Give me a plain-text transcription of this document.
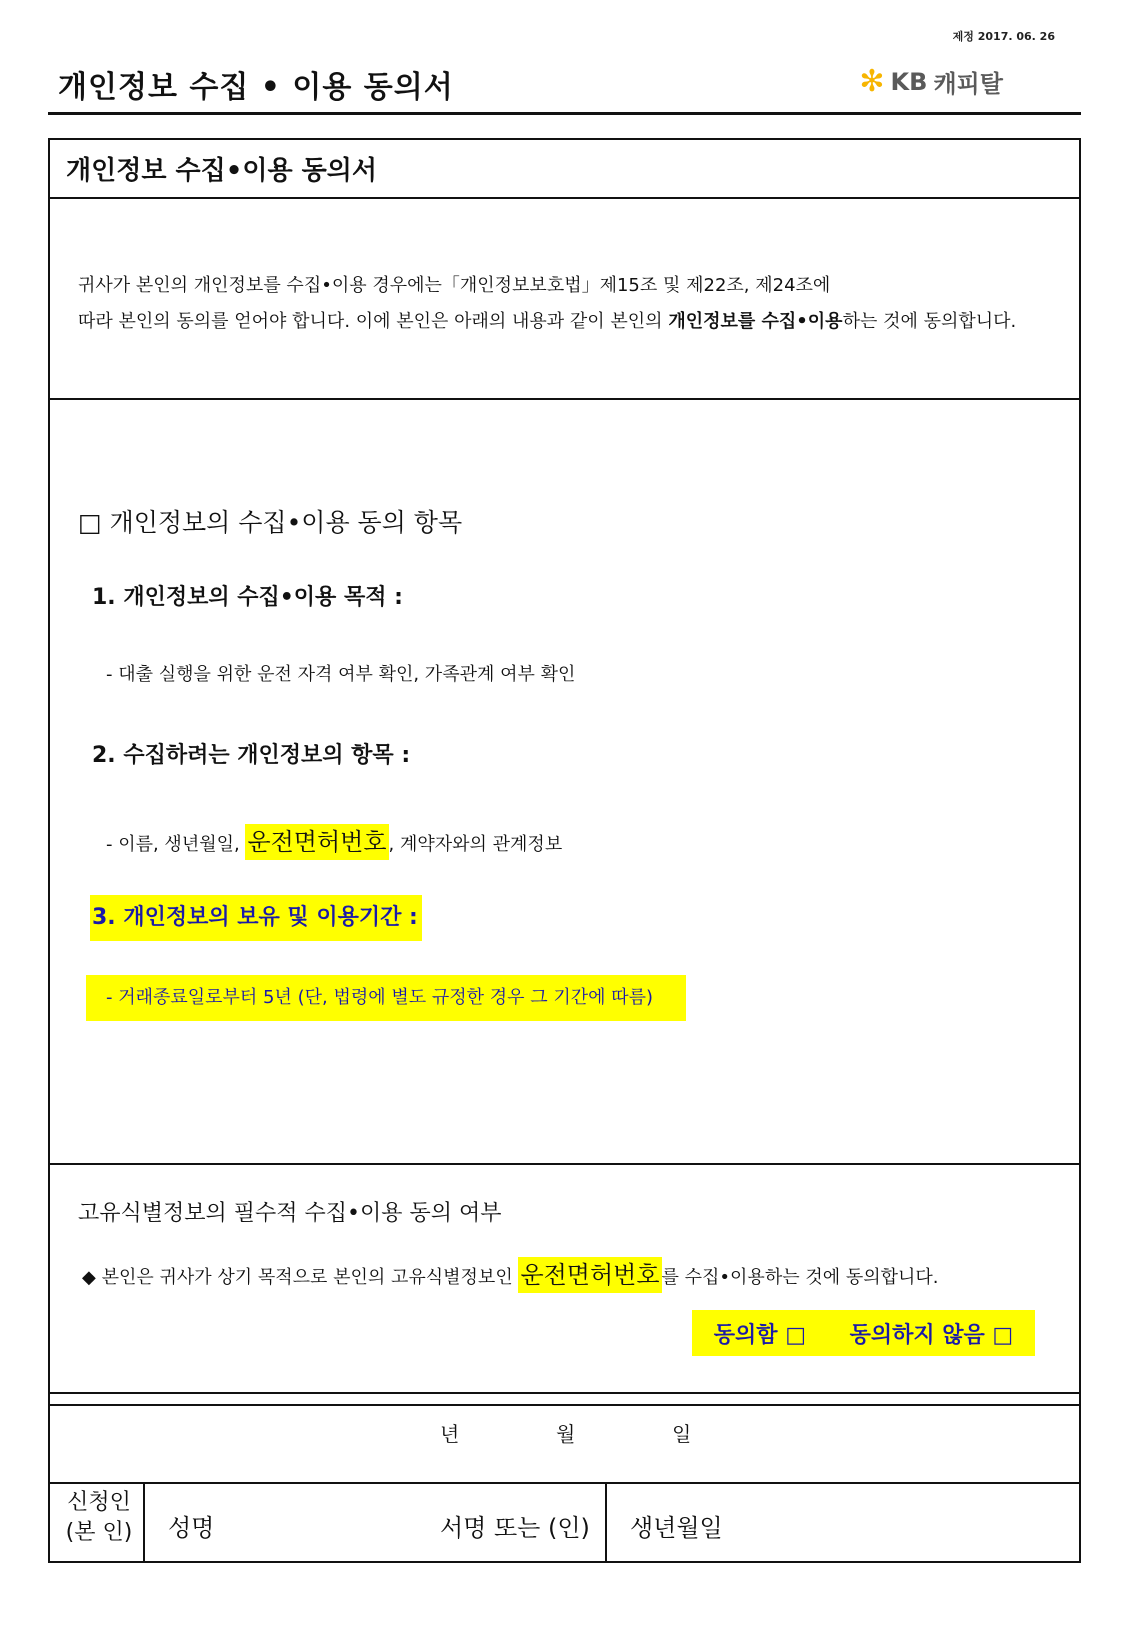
제정 2017. 06. 26
개인정보 수집 • 이용 동의서	✻ KB 캐피탈
개인정보 수집•이용 동의서
귀사가 본인의 개인정보를 수집•이용 경우에는「개인정보보호법」제15조 및 제22조, 제24조에
따라 본인의 동의를 얻어야 합니다. 이에 본인은 아래의 내용과 같이 본인의 개인정보를 수집•이용하는 것에 동의합니다.
□ 개인정보의 수집•이용 동의 항목
1. 개인정보의 수집•이용 목적 :
- 대출 실행을 위한 운전 자격 여부 확인, 가족관계 여부 확인
2. 수집하려는 개인정보의 항목 :
- 이름, 생년월일, 운전면허번호 , 계약자와의 관계정보
3. 개인정보의 보유 및 이용기간 :
- 거래종료일로부터 5년 (단, 법령에 별도 규정한 경우 그 기간에 따름)
고유식별정보의 필수적 수집•이용 동의 여부
◆ 본인은 귀사가 상기 목적으로 본인의 고유식별정보인 운전면허번호 를 수집•이용하는 것에 동의합니다.
동의함 □ 동의하지 않음 □
년	월	일
신청인
(본 인)	성명	서명 또는 (인) 생년월일
